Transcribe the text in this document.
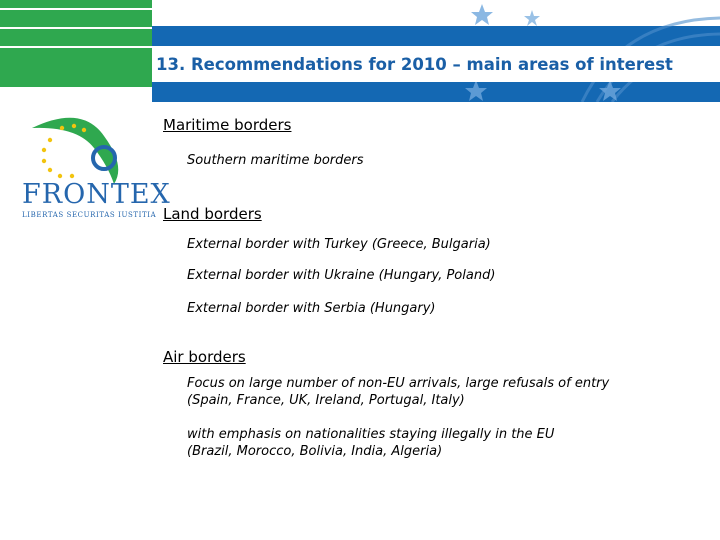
13. Recommendations for 2010 – main areas of interest
FRONTEX
LIBERTAS SECURITAS IUSTITIA
Maritime borders
Southern maritime borders
Land borders
External border with Turkey (Greece, Bulgaria)
External border with Ukraine (Hungary, Poland)
External border with Serbia (Hungary)
Air borders
Focus on large number of non-EU arrivals, large refusals of entry
(Spain, France, UK, Ireland, Portugal, Italy)
with emphasis on nationalities staying illegally in the EU
(Brazil, Morocco, Bolivia, India, Algeria)
